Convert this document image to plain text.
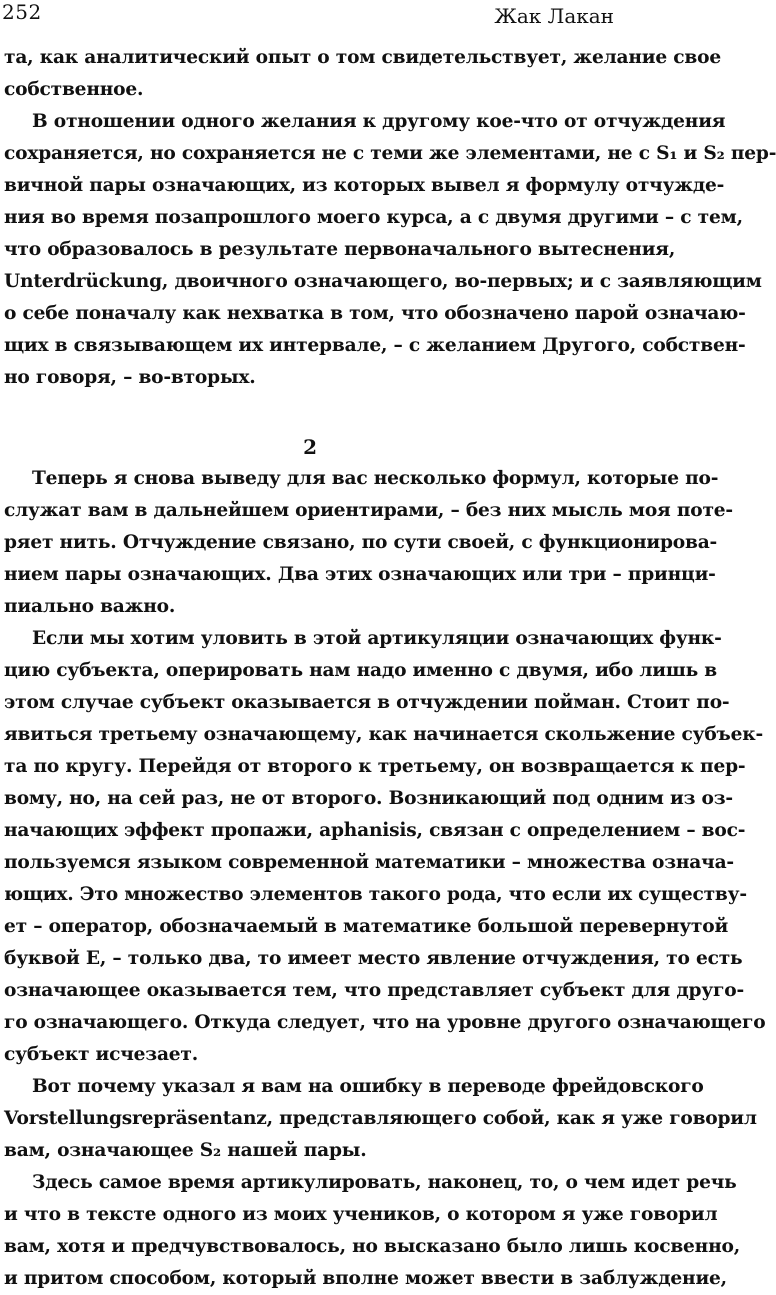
252	Жак Лакан
та, как аналитический опыт о том свидетельствует, желание свое
собственное.
В отношении одного желания к другому кое-что от отчуждения
сохраняется, но сохраняется не с теми же элементами, не с S₁ и S₂ пер-
вичной пары означающих, из которых вывел я формулу отчужде-
ния во время позапрошлого моего курса, а с двумя другими – с тем,
что образовалось в результате первоначального вытеснения,
Unterdrückung, двоичного означающего, во-первых; и с заявляющим
о себе поначалу как нехватка в том, что обозначено парой означаю-
щих в связывающем их интервале, – с желанием Другого, собствен-
но говоря, – во-вторых.
2
Теперь я снова выведу для вас несколько формул, которые по-
служат вам в дальнейшем ориентирами, – без них мысль моя поте-
ряет нить. Отчуждение связано, по сути своей, с функционирова-
нием пары означающих. Два этих означающих или три – принци-
пиально важно.
Если мы хотим уловить в этой артикуляции означающих функ-
цию субъекта, оперировать нам надо именно с двумя, ибо лишь в
этом случае субъект оказывается в отчуждении пойман. Стоит по-
явиться третьему означающему, как начинается скольжение субъек-
та по кругу. Перейдя от второго к третьему, он возвращается к пер-
вому, но, на сей раз, не от второго. Возникающий под одним из оз-
начающих эффект пропажи, aphanisis, связан с определением – вос-
пользуемся языком современной математики – множества означа-
ющих. Это множество элементов такого рода, что если их существу-
ет – оператор, обозначаемый в математике большой перевернутой
буквой E, – только два, то имеет место явление отчуждения, то есть
означающее оказывается тем, что представляет субъект для друго-
го означающего. Откуда следует, что на уровне другого означающего
субъект исчезает.
Вот почему указал я вам на ошибку в переводе фрейдовского
Vorstellungsrepräsentanz, представляющего собой, как я уже говорил
вам, означающее S₂ нашей пары.
Здесь самое время артикулировать, наконец, то, о чем идет речь
и что в тексте одного из моих учеников, о котором я уже говорил
вам, хотя и предчувствовалось, но высказано было лишь косвенно,
и притом способом, который вполне может ввести в заблуждение,
